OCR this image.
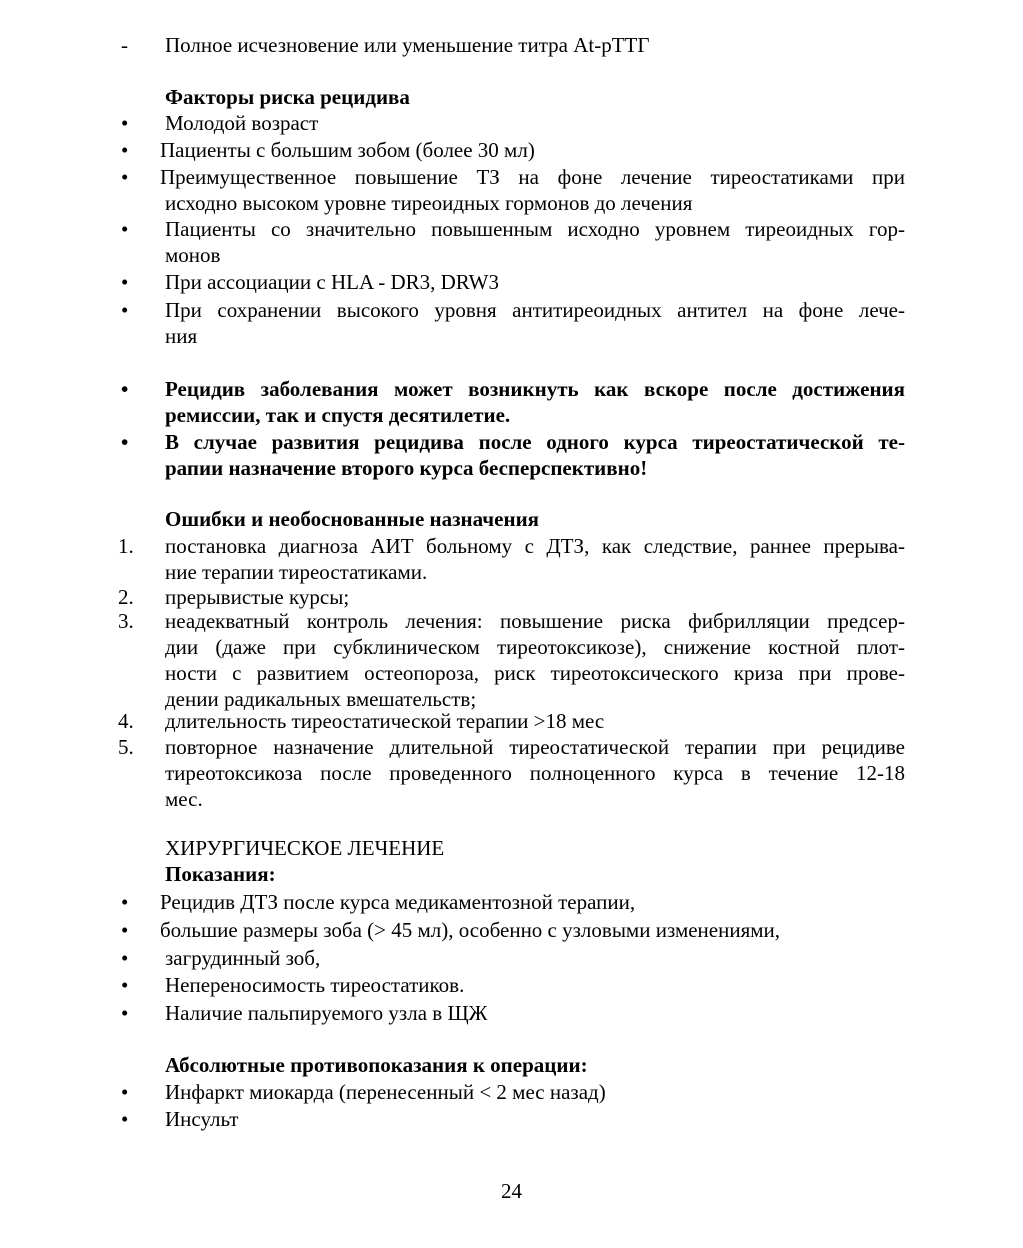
- Полное исчезновение или уменьшение титра At-рТТГ
Факторы риска рецидива
• Молодой возраст
• Пациенты с большим зобом (более 30 мл)
• Преимущественное повышение ТЗ на фоне лечение тиреостатиками при
исходно высоком уровне тиреоидных гормонов до лечения
• Пациенты со значительно повышенным исходно уровнем тиреоидных гор-
монов
• При ассоциации с HLA - DR3, DRW3
• При сохранении высокого уровня антитиреоидных антител на фоне лече-
ния
• Рецидив заболевания может возникнуть как вскоре после достижения
ремиссии, так и спустя десятилетие.
• В случае развития рецидива после одного курса тиреостатической те-
рапии назначение второго курса бесперспективно!
Ошибки и необоснованные назначения
1. постановка диагноза АИТ больному с ДТЗ, как следствие, раннее прерыва-
ние терапии тиреостатиками.
2. прерывистые курсы;
3. неадекватный контроль лечения: повышение риска фибрилляции предсер-
дии (даже при субклиническом тиреотоксикозе), снижение костной плот-
ности с развитием остеопороза, риск тиреотоксического криза при прове-
дении радикальных вмешательств;
4. длительность тиреостатической терапии >18 мес
5. повторное назначение длительной тиреостатической терапии при рецидиве
тиреотоксикоза после проведенного полноценного курса в течение 12-18
мес.
ХИРУРГИЧЕСКОЕ ЛЕЧЕНИЕ
Показания:
• Рецидив ДТЗ после курса медикаментозной терапии,
• большие размеры зоба (> 45 мл), особенно с узловыми изменениями,
• загрудинный зоб,
• Непереносимость тиреостатиков.
• Наличие пальпируемого узла в ЩЖ
Абсолютные противопоказания к операции:
• Инфаркт миокарда (перенесенный < 2 мес назад)
• Инсульт
24
